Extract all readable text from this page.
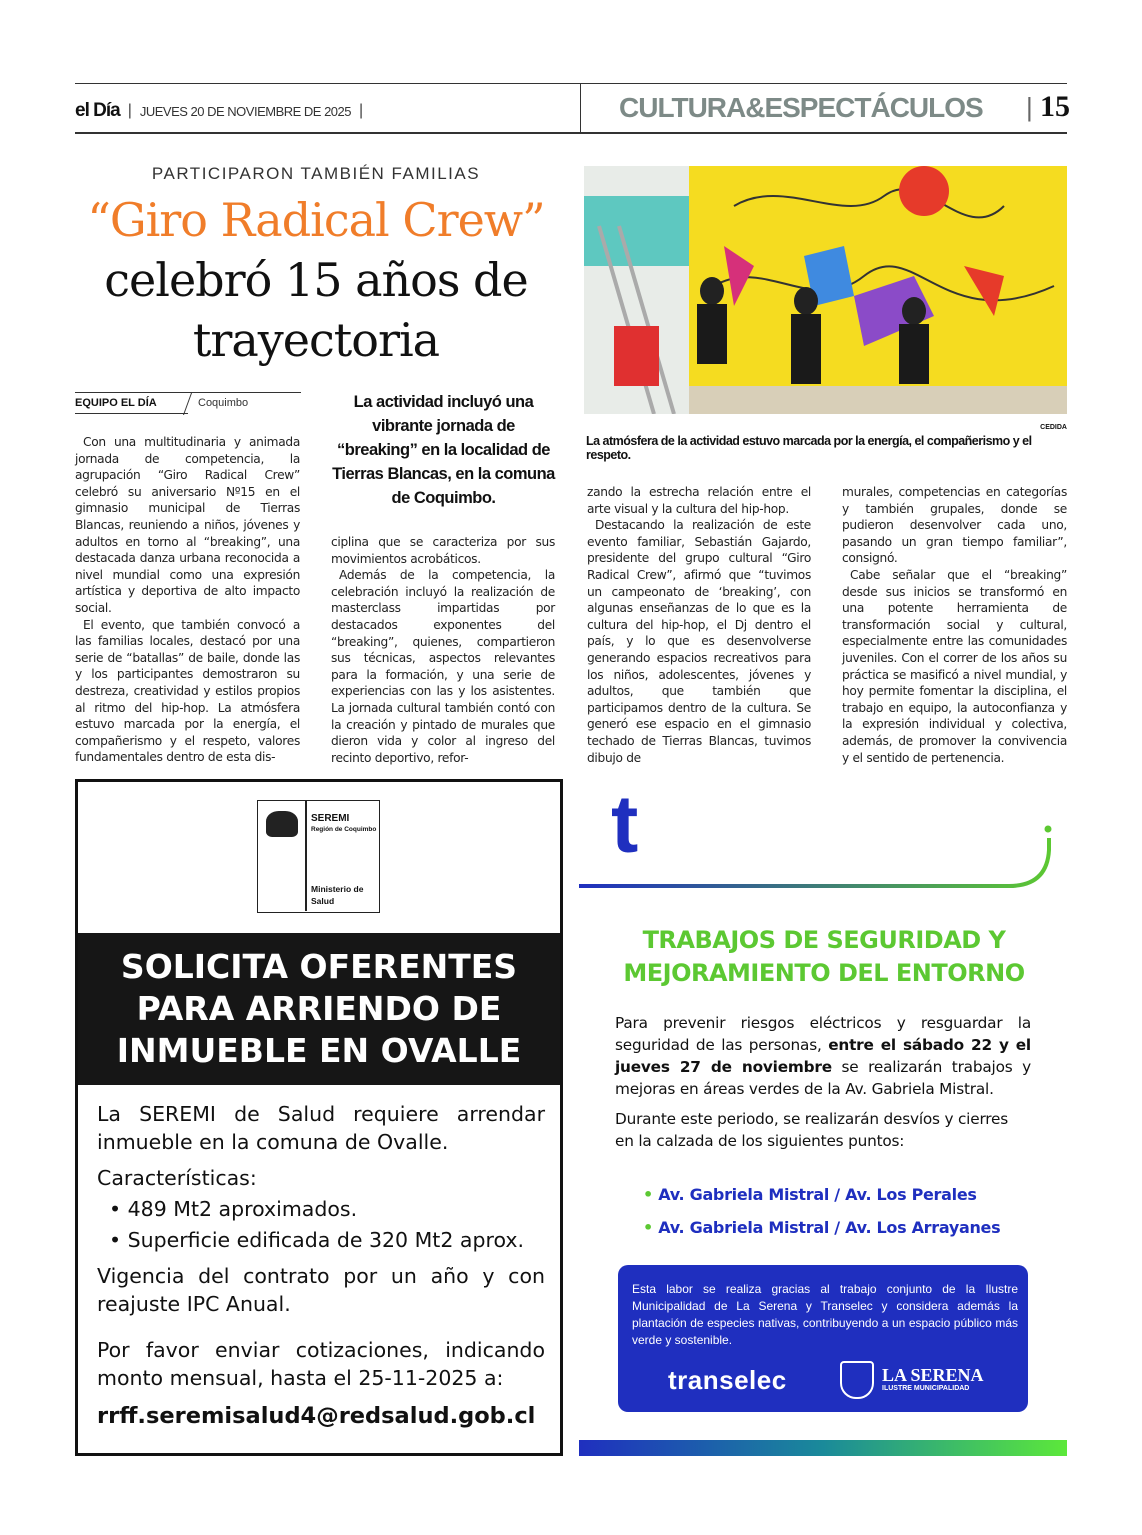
el Día | JUEVES 20 DE NOVIEMBRE DE 2025 |	CULTURA&ESPECTÁCULOS | 15
PARTICIPARON TAMBIÉN FAMILIAS
“Giro Radical Crew”
celebró 15 años de
trayectoria
EQUIPO EL DÍA	Coquimbo

Con una multitudinaria y animada jornada de competencia, la agrupación “Giro Radical Crew” celebró su aniversario Nº15 en el gimnasio municipal de Tierras Blancas, reuniendo a niños, jóvenes y adultos en torno al “breaking”, una destacada danza urbana reconocida a nivel mundial como una expresión artística y deportiva de alto impacto social.

El evento, que también convocó a las familias locales, destacó por una serie de “batallas” de baile, donde las y los participantes demostraron su destreza, creatividad y estilos propios al ritmo del hip-hop. La atmósfera estuvo marcada por la energía, el compañerismo y el respeto, valores fundamentales dentro de esta dis-

La actividad incluyó una vibrante jornada de “breaking” en la localidad de Tierras Blancas, en la comuna de Coquimbo.

ciplina que se caracteriza por sus movimientos acrobáticos.

Además de la competencia, la celebración incluyó la realización de masterclass impartidas por destacados exponentes del “breaking”, quienes, compartieron sus técnicas, aspectos relevantes para la formación, y una serie de experiencias con las y los asistentes. La jornada cultural también contó con la creación y pintado de murales que dieron vida y color al ingreso del recinto deportivo, refor-

zando la estrecha relación entre el arte visual y la cultura del hip-hop.

Destacando la realización de este evento familiar, Sebastián Gajardo, presidente del grupo cultural “Giro Radical Crew”, afirmó que “tuvimos un campeonato de ‘breaking’, con algunas enseñanzas de lo que es la cultura del hip-hop, el Dj dentro el país, y lo que es desenvolverse generando espacios recreativos para los niños, adolescentes, jóvenes y adultos, que también que participamos dentro de la cultura. Se generó ese espacio en el gimnasio techado de Tierras Blancas, tuvimos dibujo de

murales, competencias en categorías y también grupales, donde se pudieron desenvolver cada uno, pasando un gran tiempo familiar”, consignó.

Cabe señalar que el “breaking” desde sus inicios se transformó en una potente herramienta de transformación social y cultural, especialmente entre las comunidades juveniles. Con el correr de los años su práctica se masificó a nivel mundial, y hoy permite fomentar la disciplina, el trabajo en equipo, la autoconfianza y la expresión individual y colectiva, además, de promover la convivencia y el sentido de pertenencia.

CEDIDA
La atmósfera de la actividad estuvo marcada por la energía, el compañerismo y el respeto.
SEREMI
Región de Coquimbo
Ministerio de Salud
SOLICITA OFERENTES PARA ARRIENDO DE INMUEBLE EN OVALLE
La SEREMI de Salud requiere arrendar inmueble en la comuna de Ovalle.
Características:
• 489 Mt2 aproximados.
• Superficie edificada de 320 Mt2 aprox.
Vigencia del contrato por un año y con reajuste IPC Anual.
Por favor enviar cotizaciones, indicando monto mensual, hasta el 25-11-2025 a:
rrff.seremisalud4@redsalud.gob.cl
t
TRABAJOS DE SEGURIDAD Y MEJORAMIENTO DEL ENTORNO

Para prevenir riesgos eléctricos y resguardar la seguridad de las personas, entre el sábado 22 y el jueves 27 de noviembre se realizarán trabajos y mejoras en áreas verdes de la Av. Gabriela Mistral.

Durante este periodo, se realizarán desvíos y cierres en la calzada de los siguientes puntos:

• Av. Gabriela Mistral / Av. Los Perales
• Av. Gabriela Mistral / Av. Los Arrayanes
Esta labor se realiza gracias al trabajo conjunto de la Ilustre Municipalidad de La Serena y Transelec y considera además la plantación de especies nativas, contribuyendo a un espacio público más verde y sostenible.
transelec	LA SERENA
ILUSTRE MUNICIPALIDAD
